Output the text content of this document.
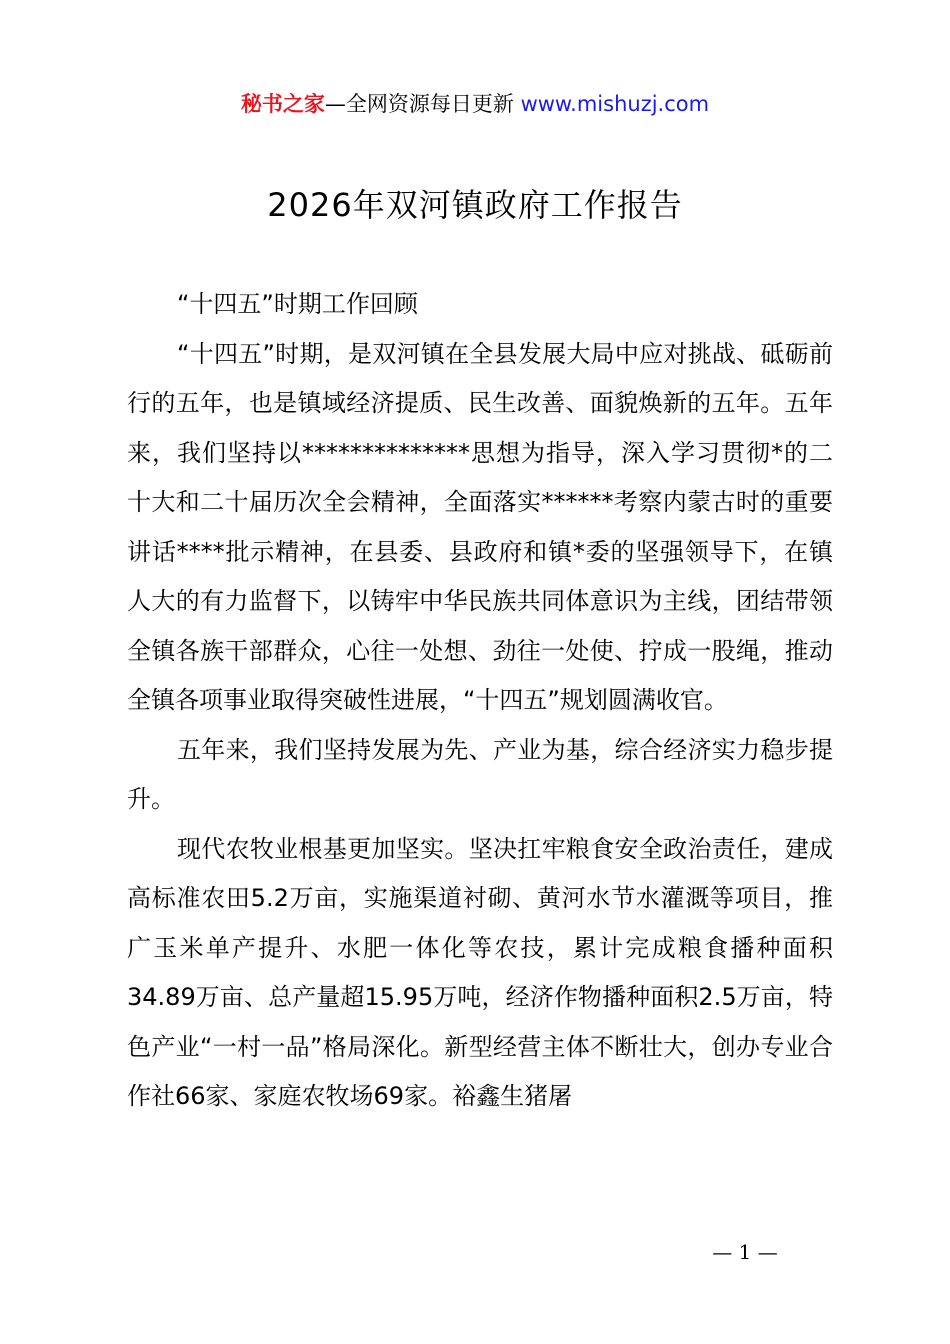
秘书之家—全网资源每日更新 www.mishuzj.com
2026年双河镇政府工作报告

“十四五”时期工作回顾

“十四五”时期，是双河镇在全县发展大局中应对挑战、砥砺前行的五年，也是镇域经济提质、民生改善、面貌焕新的五年。五年来，我们坚持以**************思想为指导，深入学习贯彻*的二十大和二十届历次全会精神，全面落实******考察内蒙古时的重要讲话****批示精神，在县委、县政府和镇*委的坚强领导下，在镇人大的有力监督下，以铸牢中华民族共同体意识为主线，团结带领全镇各族干部群众，心往一处想、劲往一处使、拧成一股绳，推动全镇各项事业取得突破性进展，“十四五”规划圆满收官。

五年来，我们坚持发展为先、产业为基，综合经济实力稳步提升。

现代农牧业根基更加坚实。坚决扛牢粮食安全政治责任，建成高标准农田5.2万亩，实施渠道衬砌、黄河水节水灌溉等项目，推广玉米单产提升、水肥一体化等农技，累计完成粮食播种面积34.89万亩、总产量超15.95万吨，经济作物播种面积2.5万亩，特色产业“一村一品”格局深化。新型经营主体不断壮大，创办专业合作社66家、家庭农牧场69家。裕鑫生猪屠

— 1 —
